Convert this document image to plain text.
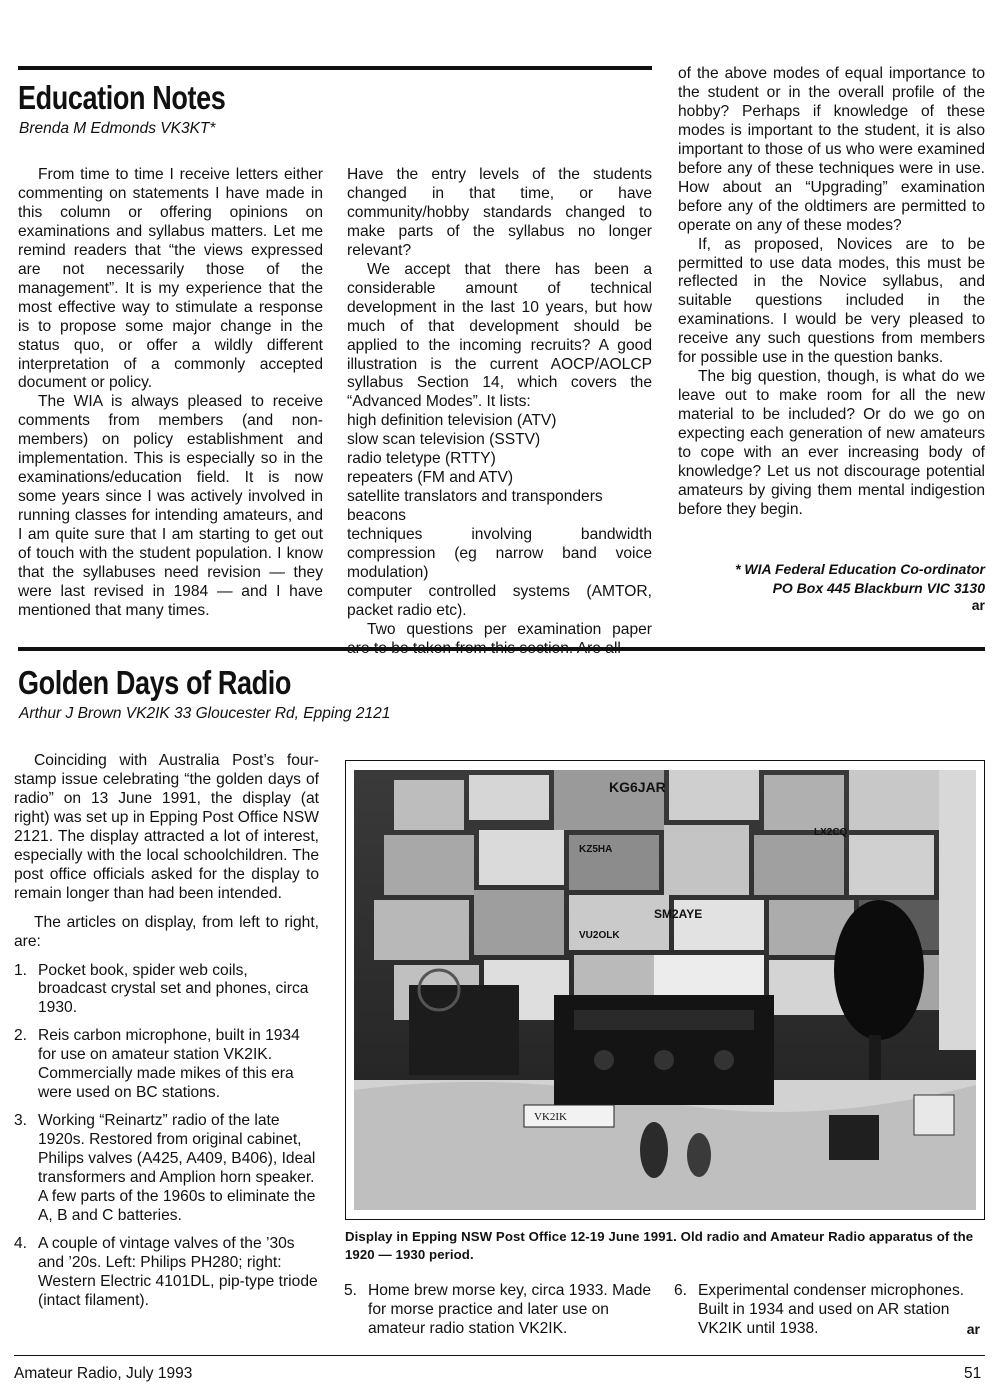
Education Notes
Brenda M Edmonds VK3KT*

From time to time I receive letters either commenting on statements I have made in this column or offering opinions on examinations and syllabus matters. Let me remind readers that “the views expressed are not necessarily those of the management”. It is my experience that the most effective way to stimulate a response is to propose some major change in the status quo, or offer a wildly different interpretation of a commonly accepted document or policy.

The WIA is always pleased to receive comments from members (and non-members) on policy establishment and implementation. This is especially so in the examinations/education field. It is now some years since I was actively involved in running classes for intending amateurs, and I am quite sure that I am starting to get out of touch with the student population. I know that the syllabuses need revision — they were last revised in 1984 — and I have mentioned that many times.

Have the entry levels of the students changed in that time, or have community/hobby standards changed to make parts of the syllabus no longer relevant?

We accept that there has been a considerable amount of technical development in the last 10 years, but how much of that development should be applied to the incoming recruits? A good illustration is the current AOCP/AOLCP syllabus Section 14, which covers the “Advanced Modes”. It lists:

high definition television (ATV)
slow scan television (SSTV)
radio teletype (RTTY)
repeaters (FM and ATV)
satellite translators and transponders
beacons
techniques involving bandwidth compression (eg narrow band voice modulation)
computer controlled systems (AMTOR, packet radio etc).

Two questions per examination paper

of the above modes of equal importance to the student or in the overall profile of the hobby? Perhaps if knowledge of these modes is important to the student, it is also important to those of us who were examined before any of these techniques were in use. How about an “Upgrading” examination before any of the oldtimers are permitted to operate on any of these modes?

If, as proposed, Novices are to be permitted to use data modes, this must be reflected in the Novice syllabus, and suitable questions included in the examinations. I would be very pleased to receive any such questions from members for possible use in the question banks.

The big question, though, is what do we leave out to make room for all the new material to be included? Or do we go on expecting each generation of new amateurs to cope with an ever increasing body of knowledge? Let us not discourage potential amateurs by giving them mental indigestion before they begin.

* WIA Federal Education Co-ordinator
PO Box 445 Blackburn VIC 3130
ar
Golden Days of Radio
Arthur J Brown VK2IK 33 Gloucester Rd, Epping 2121

Coinciding with Australia Post’s four-stamp issue celebrating “the golden days of radio” on 13 June 1991, the display (at right) was set up in Epping Post Office NSW 2121. The display attracted a lot of interest, especially with the local schoolchildren. The post office officials asked for the display to remain longer than had been intended.

The articles on display, from left to right, are:

1. Pocket book, spider web coils, broadcast crystal set and phones, circa 1930.
2. Reis carbon microphone, built in 1934 for use on amateur station VK2IK. Commercially made mikes of this era were used on BC stations.
3. Working “Reinartz” radio of the late 1920s. Restored from original cabinet, Philips valves (A425, A409, B406), Ideal transformers and Amplion horn speaker. A few parts of the 1960s to eliminate the A, B and C batteries.
4. A couple of vintage valves of the ’30s and ’20s. Left: Philips PH280; right: Western Electric 4101DL, pip-type triode (intact filament).
KG6JAR
SM2AYE
VU2OLK
KZ5HA
LX2CQ
VK2IK
Display in Epping NSW Post Office 12-19 June 1991. Old radio and Amateur Radio apparatus of the 1920 — 1930 period.
5. Home brew morse key, circa 1933. Made for morse practice and later use on amateur radio station VK2IK.
6. Experimental condenser microphones. Built in 1934 and used on AR station VK2IK until 1938.	ar
Amateur Radio, July 1993	51
